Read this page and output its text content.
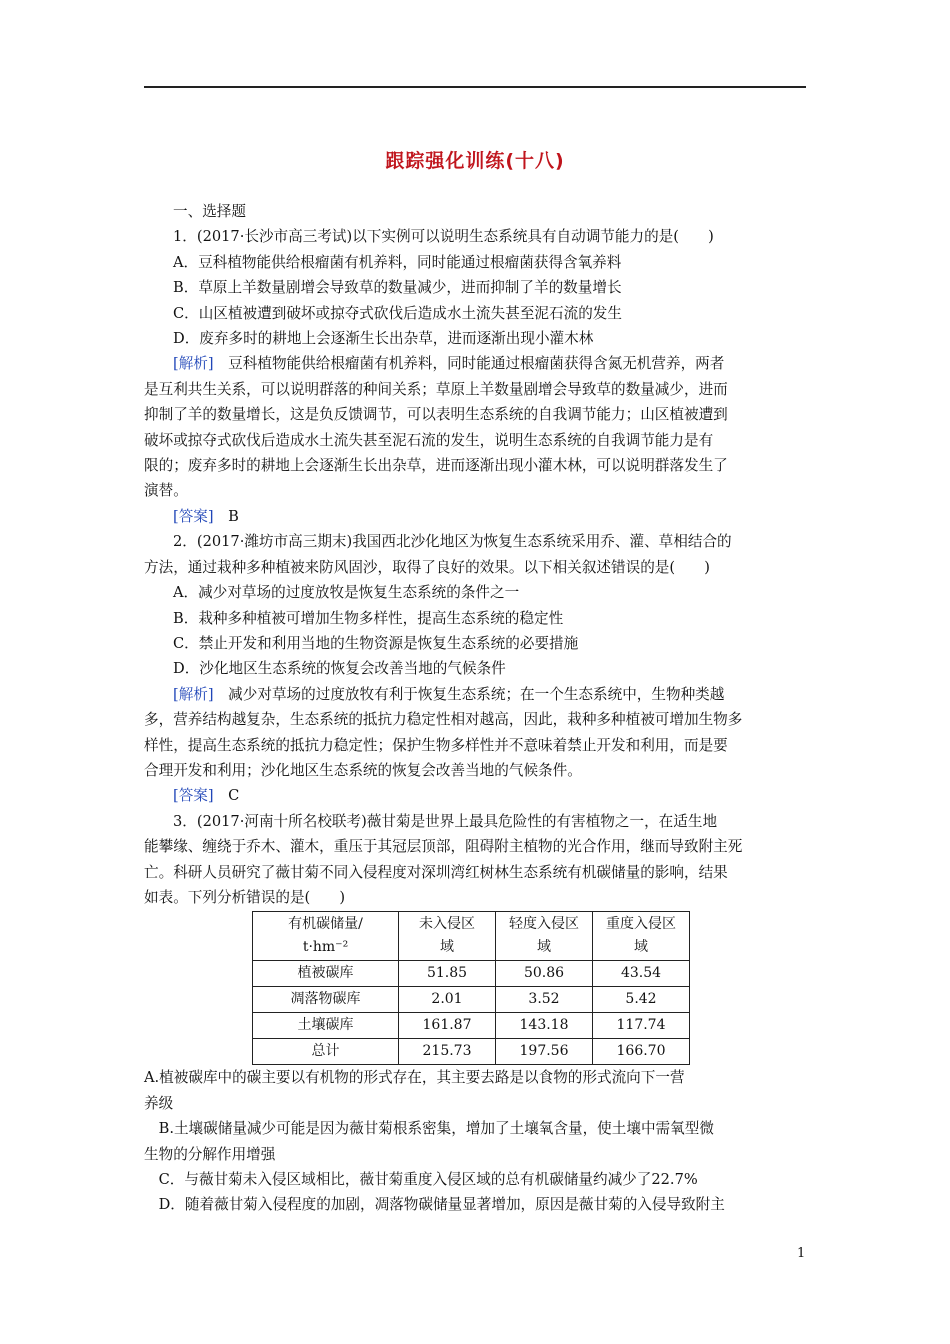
跟踪强化训练(十八)

一、选择题

1．(2017·长沙市高三考试)以下实例可以说明生态系统具有自动调节能力的是(　　)

A．豆科植物能供给根瘤菌有机养料，同时能通过根瘤菌获得含氧养料

B．草原上羊数量剧增会导致草的数量减少，进而抑制了羊的数量增长

C．山区植被遭到破坏或掠夺式砍伐后造成水土流失甚至泥石流的发生

D．废弃多时的耕地上会逐渐生长出杂草，进而逐渐出现小灌木林

[解析]　豆科植物能供给根瘤菌有机养料，同时能通过根瘤菌获得含氮无机营养，两者

是互利共生关系，可以说明群落的种间关系；草原上羊数量剧增会导致草的数量减少，进而

抑制了羊的数量增长，这是负反馈调节，可以表明生态系统的自我调节能力；山区植被遭到

破坏或掠夺式砍伐后造成水土流失甚至泥石流的发生，说明生态系统的自我调节能力是有

限的；废弃多时的耕地上会逐渐生长出杂草，进而逐渐出现小灌木林，可以说明群落发生了

演替。

[答案]　B

2．(2017·潍坊市高三期末)我国西北沙化地区为恢复生态系统采用乔、灌、草相结合的

方法，通过栽种多种植被来防风固沙，取得了良好的效果。以下相关叙述错误的是(　　)

A．减少对草场的过度放牧是恢复生态系统的条件之一

B．栽种多种植被可增加生物多样性，提高生态系统的稳定性

C．禁止开发和利用当地的生物资源是恢复生态系统的必要措施

D．沙化地区生态系统的恢复会改善当地的气候条件

[解析]　减少对草场的过度放牧有利于恢复生态系统；在一个生态系统中，生物种类越

多，营养结构越复杂，生态系统的抵抗力稳定性相对越高，因此，栽种多种植被可增加生物多

样性，提高生态系统的抵抗力稳定性；保护生物多样性并不意味着禁止开发和利用，而是要

合理开发和利用；沙化地区生态系统的恢复会改善当地的气候条件。

[答案]　C

3．(2017·河南十所名校联考)薇甘菊是世界上最具危险性的有害植物之一，在适生地

能攀缘、缠绕于乔木、灌木，重压于其冠层顶部，阻碍附主植物的光合作用，继而导致附主死

亡。科研人员研究了薇甘菊不同入侵程度对深圳湾红树林生态系统有机碳储量的影响，结果

如表。下列分析错误的是(　　)

有机碳储量/
t·hm⁻²	未入侵区
域	轻度入侵区
域	重度入侵区
域
植被碳库	51.85	50.86	43.54
凋落物碳库	2.01	3.52	5.42
土壤碳库	161.87	143.18	117.74
总计	215.73	197.56	166.70

A.植被碳库中的碳主要以有机物的形式存在，其主要去路是以食物的形式流向下一营

养级

　B.土壤碳储量减少可能是因为薇甘菊根系密集，增加了土壤氧含量，使土壤中需氧型微

生物的分解作用增强

　C．与薇甘菊未入侵区域相比，薇甘菊重度入侵区域的总有机碳储量约减少了22.7%

　D．随着薇甘菊入侵程度的加剧，凋落物碳储量显著增加，原因是薇甘菊的入侵导致附主

1
